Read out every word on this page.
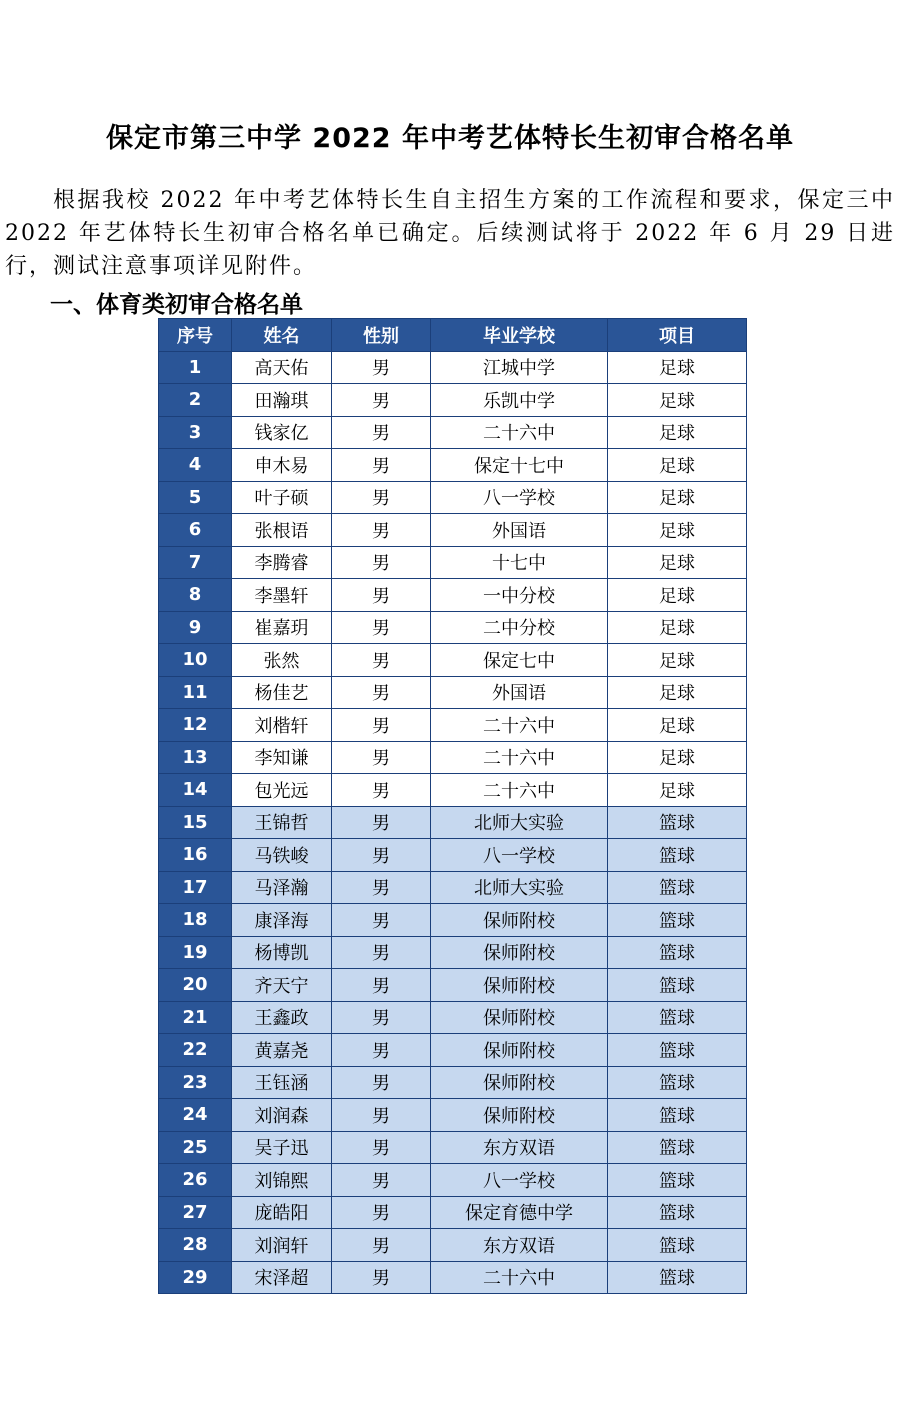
保定市第三中学 2022 年中考艺体特长生初审合格名单

根据我校 2022 年中考艺体特长生自主招生方案的工作流程和要求，保定三中 2022 年艺体特长生初审合格名单已确定。后续测试将于 2022 年 6 月 29 日进行，测试注意事项详见附件。

一、体育类初审合格名单
序号	姓名	性别	毕业学校	项目
1	高天佑	男	江城中学	足球
2	田瀚琪	男	乐凯中学	足球
3	钱家亿	男	二十六中	足球
4	申木易	男	保定十七中	足球
5	叶子硕	男	八一学校	足球
6	张根语	男	外国语	足球
7	李腾睿	男	十七中	足球
8	李墨轩	男	一中分校	足球
9	崔嘉玥	男	二中分校	足球
10	张然	男	保定七中	足球
11	杨佳艺	男	外国语	足球
12	刘楷轩	男	二十六中	足球
13	李知谦	男	二十六中	足球
14	包光远	男	二十六中	足球
15	王锦哲	男	北师大实验	篮球
16	马铁峻	男	八一学校	篮球
17	马泽瀚	男	北师大实验	篮球
18	康泽海	男	保师附校	篮球
19	杨博凯	男	保师附校	篮球
20	齐天宁	男	保师附校	篮球
21	王鑫政	男	保师附校	篮球
22	黄嘉尧	男	保师附校	篮球
23	王钰涵	男	保师附校	篮球
24	刘润森	男	保师附校	篮球
25	吴子迅	男	东方双语	篮球
26	刘锦熙	男	八一学校	篮球
27	庞皓阳	男	保定育德中学	篮球
28	刘润轩	男	东方双语	篮球
29	宋泽超	男	二十六中	篮球
